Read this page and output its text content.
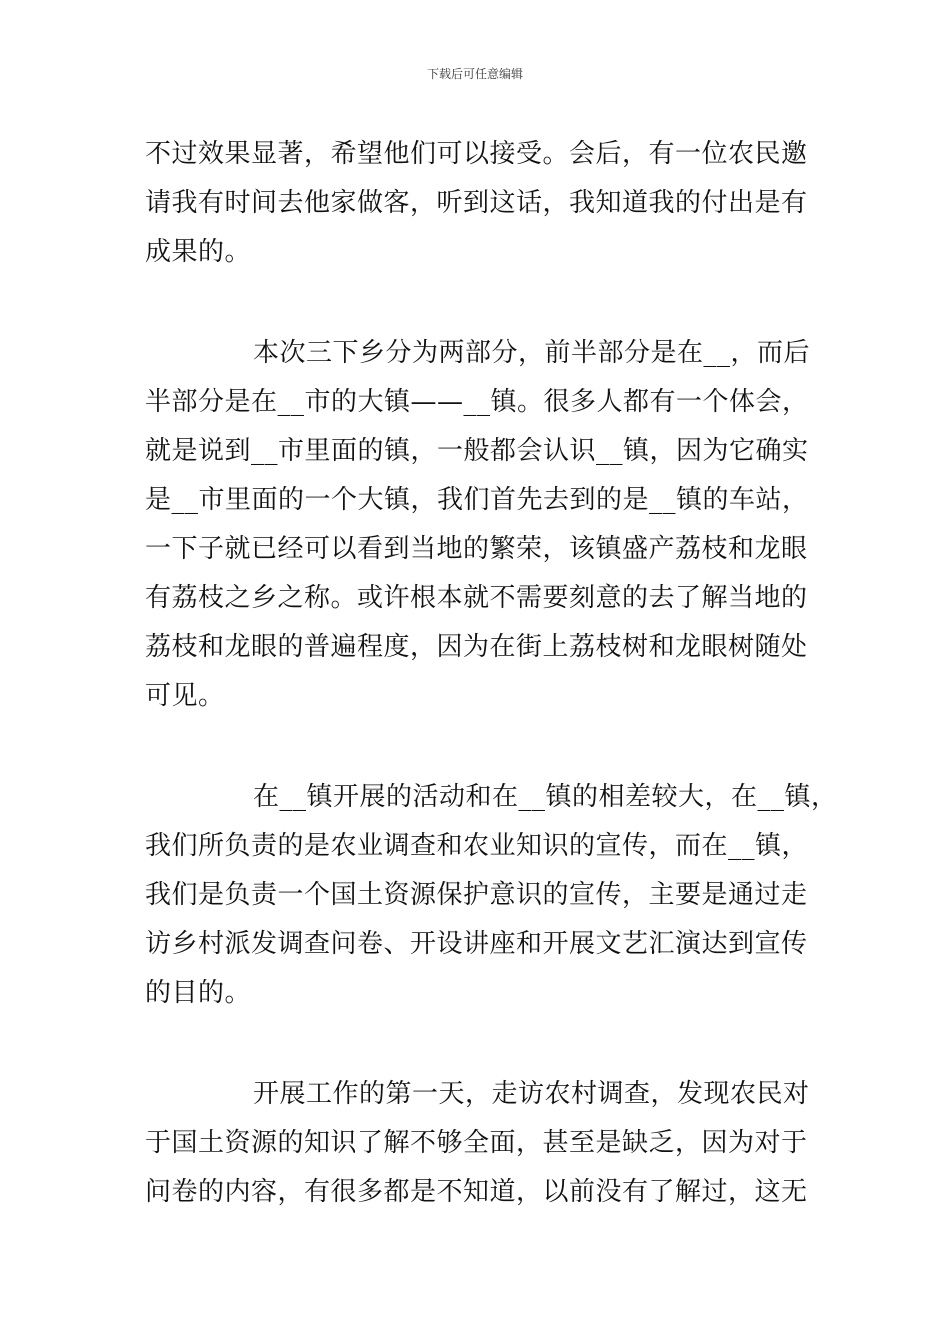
下载后可任意编辑
不过效果显著，希望他们可以接受。会后，有一位农民邀
请我有时间去他家做客，听到这话，我知道我的付出是有
成果的。
本次三下乡分为两部分，前半部分是在__，而后
半部分是在__市的大镇——__镇。很多人都有一个体会，
就是说到__市里面的镇，一般都会认识__镇，因为它确实
是__市里面的一个大镇，我们首先去到的是__镇的车站，
一下子就已经可以看到当地的繁荣，该镇盛产荔枝和龙眼
有荔枝之乡之称。或许根本就不需要刻意的去了解当地的
荔枝和龙眼的普遍程度，因为在街上荔枝树和龙眼树随处
可见。
在__镇开展的活动和在__镇的相差较大，在__镇，
我们所负责的是农业调查和农业知识的宣传，而在__镇，
我们是负责一个国土资源保护意识的宣传，主要是通过走
访乡村派发调查问卷、开设讲座和开展文艺汇演达到宣传
的目的。
开展工作的第一天，走访农村调查，发现农民对
于国土资源的知识了解不够全面，甚至是缺乏，因为对于
问卷的内容，有很多都是不知道，以前没有了解过，这无
